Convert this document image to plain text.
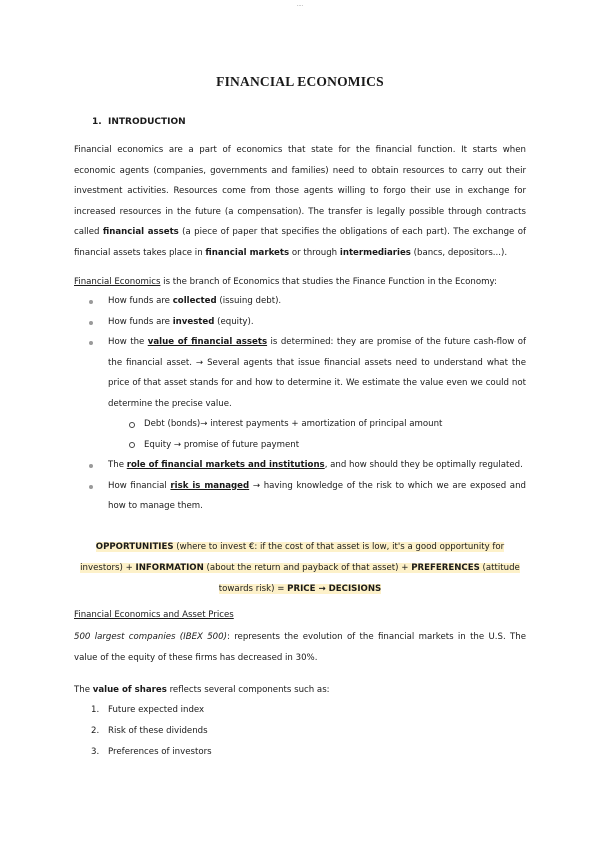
....
FINANCIAL ECONOMICS
1. INTRODUCTION

Financial economics are a part of economics that state for the financial function. It starts when economic agents (companies, governments and families) need to obtain resources to carry out their investment activities. Resources come from those agents willing to forgo their use in exchange for increased resources in the future (a compensation). The transfer is legally possible through contracts called financial assets (a piece of paper that specifies the obligations of each part). The exchange of financial assets takes place in financial markets or through intermediaries (bancs, depositors...).

Financial Economics is the branch of Economics that studies the Finance Function in the Economy:

How funds are collected (issuing debt).
How funds are invested (equity).
How the value of financial assets is determined: they are promise of the future cash-flow of the financial asset. → Several agents that issue financial assets need to understand what the price of that asset stands for and how to determine it. We estimate the value even we could not determine the precise value.
Debt (bonds)→ interest payments + amortization of principal amount
Equity → promise of future payment
The role of financial markets and institutions, and how should they be optimally regulated.
How financial risk is managed → having knowledge of the risk to which we are exposed and how to manage them.
OPPORTUNITIES (where to invest €: if the cost of that asset is low, it's a good opportunity for investors) + INFORMATION (about the return and payback of that asset) + PREFERENCES (attitude towards risk) = PRICE → DECISIONS
Financial Economics and Asset Prices

500 largest companies (IBEX 500): represents the evolution of the financial markets in the U.S. The value of the equity of these firms has decreased in 30%.

The value of shares reflects several components such as:

1. Future expected index
2. Risk of these dividends
3. Preferences of investors
